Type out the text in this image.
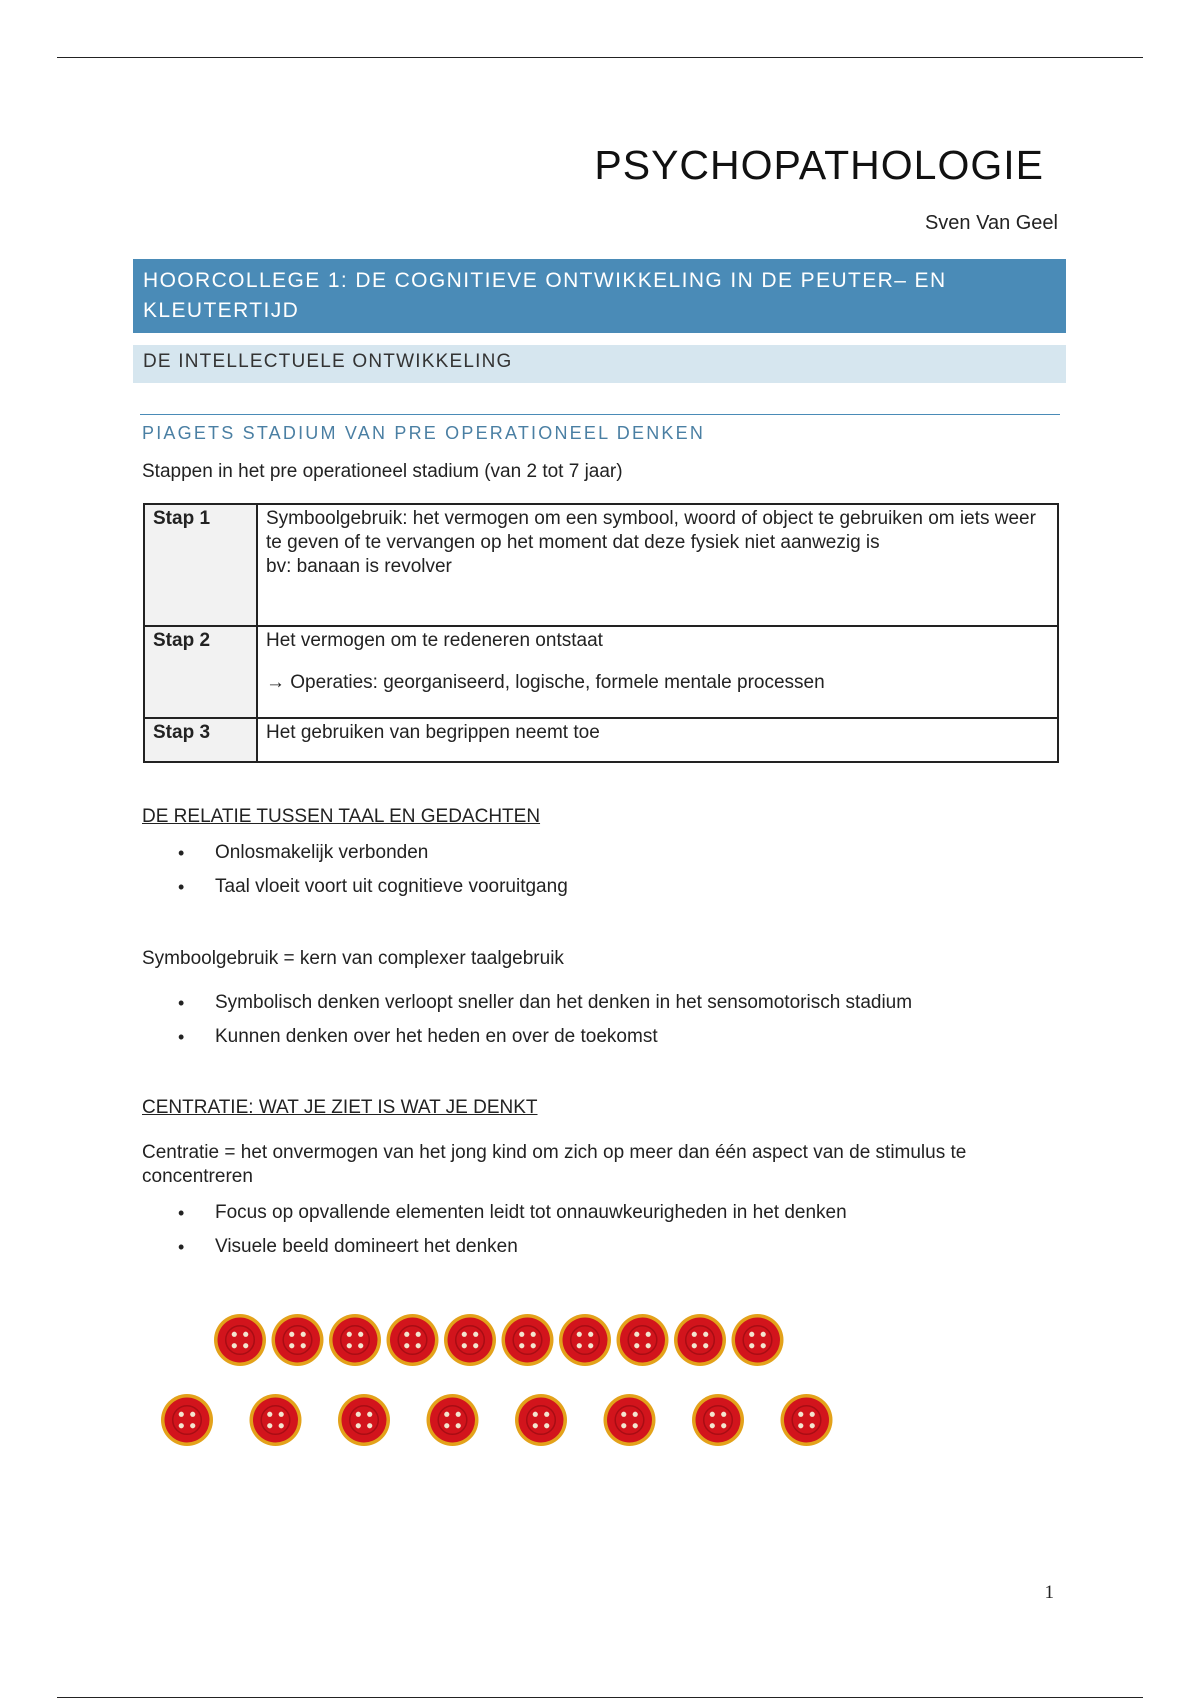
PSYCHOPATHOLOGIE
Sven Van Geel
HOORCOLLEGE 1: DE COGNITIEVE ONTWIKKELING IN DE PEUTER– EN KLEUTERTIJD
DE INTELLECTUELE ONTWIKKELING
PIAGETS STADIUM VAN PRE OPERATIONEEL DENKEN
Stappen in het pre operationeel stadium (van 2 tot 7 jaar)
Stap 1	Symboolgebruik: het vermogen om een symbool, woord of object te gebruiken om iets weer te geven of te vervangen op het moment dat deze fysiek niet aanwezig is
bv: banaan is revolver

Stap 2	Het vermogen om te redeneren ontstaat
→ Operaties: georganiseerd, logische, formele mentale processen

Stap 3	Het gebruiken van begrippen neemt toe
DE RELATIE TUSSEN TAAL EN GEDACHTEN
• Onlosmakelijk verbonden
• Taal vloeit voort uit cognitieve vooruitgang
Symboolgebruik = kern van complexer taalgebruik
• Symbolisch denken verloopt sneller dan het denken in het sensomotorisch stadium
• Kunnen denken over het heden en over de toekomst
CENTRATIE: WAT JE ZIET IS WAT JE DENKT
Centratie = het onvermogen van het jong kind om zich op meer dan één aspect van de stimulus te concentreren
• Focus op opvallende elementen leidt tot onnauwkeurigheden in het denken
• Visuele beeld domineert het denken
1
